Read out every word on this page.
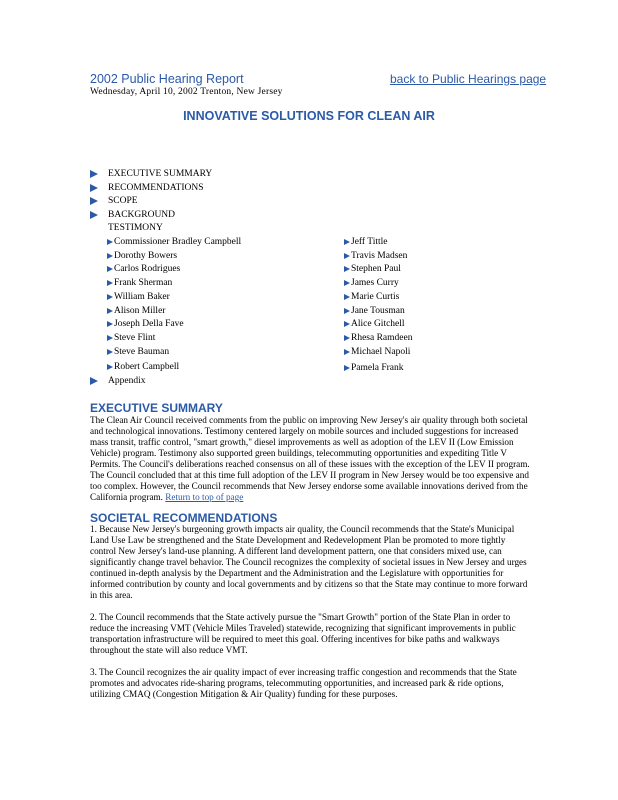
2002 Public Hearing Report	back to Public Hearings page
Wednesday, April 10, 2002 Trenton, New Jersey
INNOVATIVE SOLUTIONS FOR CLEAN AIR
EXECUTIVE SUMMARY
RECOMMENDATIONS
SCOPE
BACKGROUND
TESTIMONY
Commissioner Bradley Campbell
Dorothy Bowers
Carlos Rodrigues
Frank Sherman
William Baker
Alison Miller
Joseph Della Fave
Steve Flint
Steve Bauman
Robert Campbell
Jeff Tittle
Travis Madsen
Stephen Paul
James Curry
Marie Curtis
Jane Tousman
Alice Gitchell
Rhesa Ramdeen
Michael Napoli
Pamela Frank
Appendix
EXECUTIVE SUMMARY
The Clean Air Council received comments from the public on improving New Jersey's air quality through both societal and technological innovations. Testimony centered largely on mobile sources and included suggestions for increased mass transit, traffic control, "smart growth," diesel improvements as well as adoption of the LEV II (Low Emission Vehicle) program. Testimony also supported green buildings, telecommuting opportunities and expediting Title V Permits. The Council's deliberations reached consensus on all of these issues with the exception of the LEV II program. The Council concluded that at this time full adoption of the LEV II program in New Jersey would be too expensive and too complex. However, the Council recommends that New Jersey endorse some available innovations derived from the California program. Return to top of page
SOCIETAL RECOMMENDATIONS
1. Because New Jersey's burgeoning growth impacts air quality, the Council recommends that the State's Municipal Land Use Law be strengthened and the State Development and Redevelopment Plan be promoted to more tightly control New Jersey's land-use planning. A different land development pattern, one that considers mixed use, can significantly change travel behavior. The Council recognizes the complexity of societal issues in New Jersey and urges continued in-depth analysis by the Department and the Administration and the Legislature with opportunities for informed contribution by county and local governments and by citizens so that the State may continue to more forward in this area.
2. The Council recommends that the State actively pursue the "Smart Growth" portion of the State Plan in order to reduce the increasing VMT (Vehicle Miles Traveled) statewide, recognizing that significant improvements in public transportation infrastructure will be required to meet this goal. Offering incentives for bike paths and walkways throughout the state will also reduce VMT.
3. The Council recognizes the air quality impact of ever increasing traffic congestion and recommends that the State promotes and advocates ride-sharing programs, telecommuting opportunities, and increased park & ride options, utilizing CMAQ (Congestion Mitigation & Air Quality) funding for these purposes.
